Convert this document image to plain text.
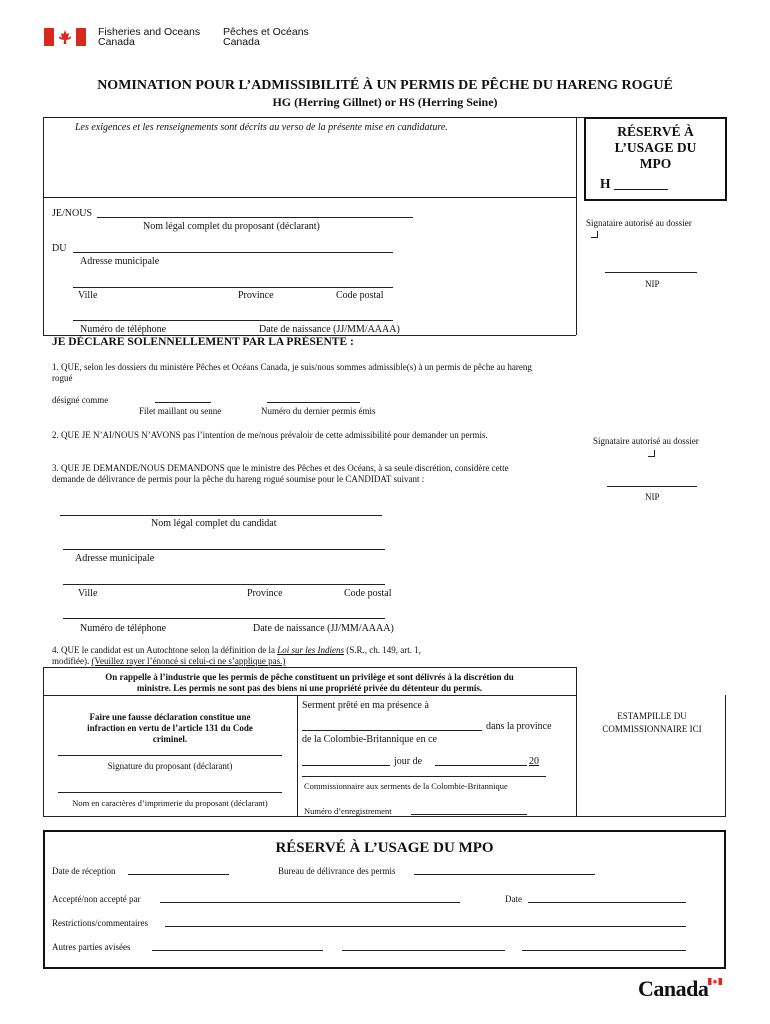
Fisheries and Oceans
Canada
Pêches et Océans
Canada
NOMINATION POUR L’ADMISSIBILITÉ À UN PERMIS DE PÊCHE DU HARENG ROGUÉ
HG (Herring Gillnet) or HS (Herring Seine)
Les exigences et les renseignements sont décrits au verso de la présente mise en candidature.	RÉSERVÉ À
L’USAGE DU
MPO
H ________
Signataire autorisé au dossier
NIP
Signataire autorisé au dossier
NIP
JE/NOUS
Nom légal complet du proposant (déclarant)
DU
Adresse municipale
Ville	Province	Code postal
Numéro de téléphone	Date de naissance (JJ/MM/AAAA)
JE DÉCLARE SOLENNELLEMENT PAR LA PRÉSENTE :
1. QUE, selon les dossiers du ministère Pêches et Océans Canada, je suis/nous sommes admissible(s) à un permis de pêche au hareng rogué
désigné comme
Filet maillant ou senne	Numéro du dernier permis émis
2. QUE JE N’AI/NOUS N’AVONS pas l’intention de me/nous prévaloir de cette admissibilité pour demander un permis.
3. QUE JE DEMANDE/NOUS DEMANDONS que le ministre des Pêches et des Océans, à sa seule discrétion, considère cette demande de délivrance de permis pour la pêche du hareng rogué soumise pour le CANDIDAT suivant :
Nom légal complet du candidat
Adresse municipale
Ville	Province	Code postal
Numéro de téléphone	Date de naissance (JJ/MM/AAAA)
4. QUE le candidat est un Autochtone selon la définition de la Loi sur les Indiens (S.R., ch. 149, art. 1,
modifiée). (Veuillez rayer l’énoncé si celui-ci ne s’applique pas.)
On rappelle à l’industrie que les permis de pêche constituent un privilège et sont délivrés à la discrétion du
ministre. Les permis ne sont pas des biens ni une propriété privée du détenteur du permis.
Faire une fausse déclaration constitue une
infraction en vertu de l’article 131 du Code
criminel.
Signature du proposant (déclarant)
Nom en caractères d’imprimerie du proposant (déclarant)
Serment prêté en ma présence à
dans la province
de la Colombie-Britannique en ce
jour de	20
Commissionnaire aux serments de la Colombie-Britannique
Numéro d’enregistrement
ESTAMPILLE DU
COMMISSIONNAIRE ICI
RÉSERVÉ À L’USAGE DU MPO
Date de réception	Bureau de délivrance des permis
Accepté/non accepté par	Date
Restrictions/commentaires
Autres parties avisées
Canada
